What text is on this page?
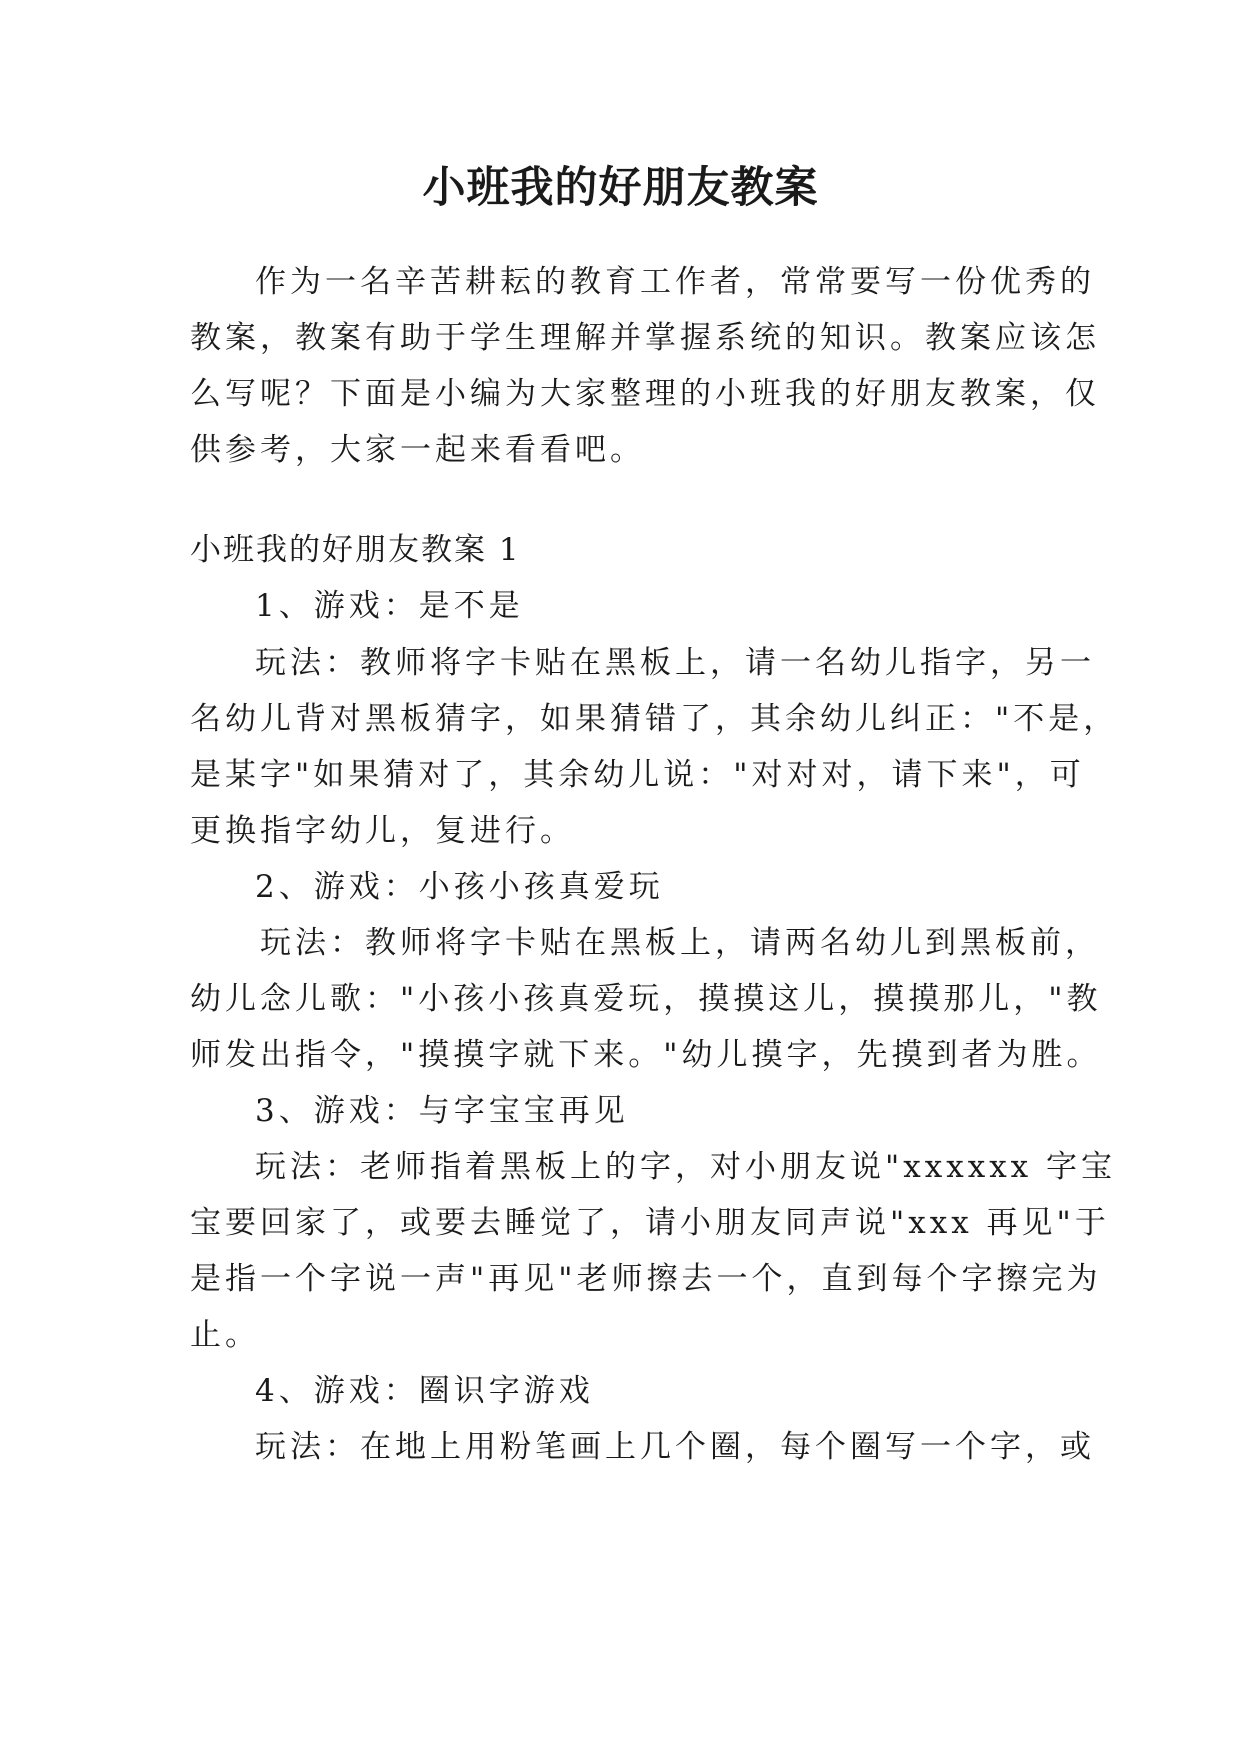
小班我的好朋友教案
作为一名辛苦耕耘的教育工作者，常常要写一份优秀的
教案，教案有助于学生理解并掌握系统的知识。教案应该怎
么写呢？下面是小编为大家整理的小班我的好朋友教案，仅
供参考，大家一起来看看吧。
小班我的好朋友教案 1
1、游戏：是不是
玩法：教师将字卡贴在黑板上，请一名幼儿指字，另一
名幼儿背对黑板猜字，如果猜错了，其余幼儿纠正："不是，
是某字"如果猜对了，其余幼儿说："对对对，请下来"，可
更换指字幼儿，复进行。
2、游戏：小孩小孩真爱玩
玩法：教师将字卡贴在黑板上，请两名幼儿到黑板前，
幼儿念儿歌："小孩小孩真爱玩，摸摸这儿，摸摸那儿，"教
师发出指令，"摸摸字就下来。"幼儿摸字，先摸到者为胜。
3、游戏：与字宝宝再见
玩法：老师指着黑板上的字，对小朋友说"xxxxxx 字宝
宝要回家了，或要去睡觉了，请小朋友同声说"xxx 再见"于
是指一个字说一声"再见"老师擦去一个，直到每个字擦完为
止。
4、游戏：圈识字游戏
玩法：在地上用粉笔画上几个圈，每个圈写一个字，或
